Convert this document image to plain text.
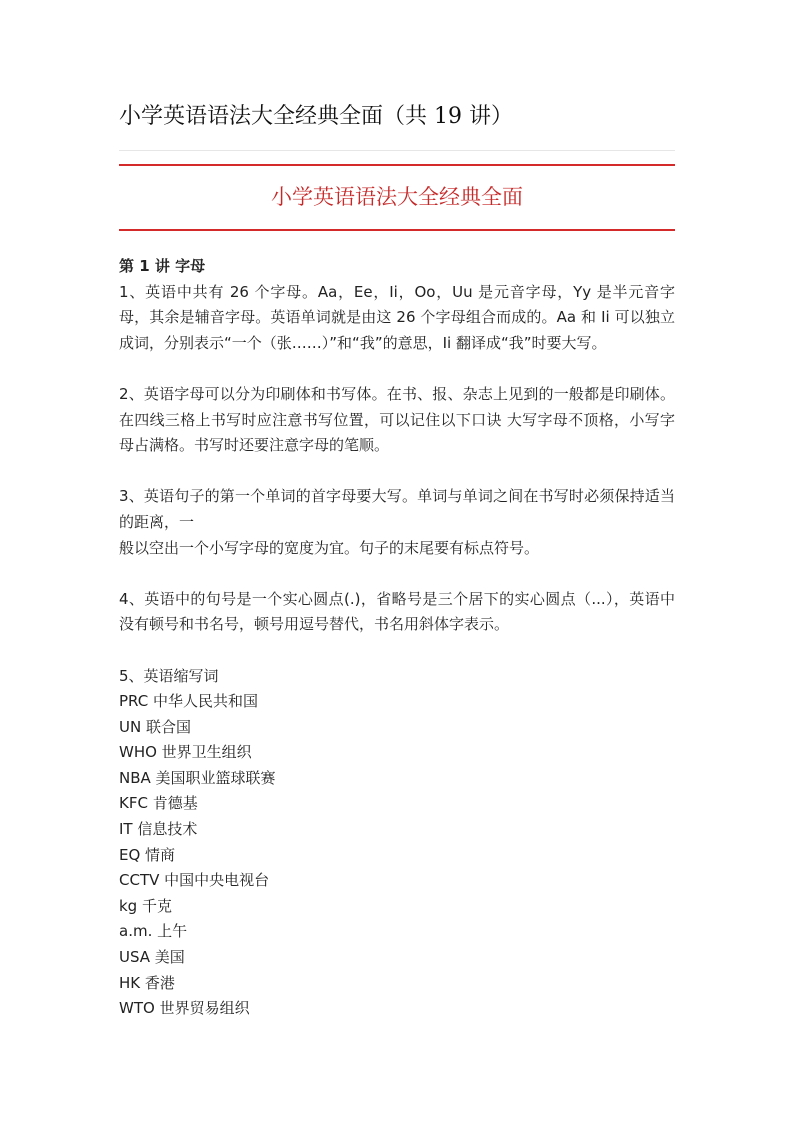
小学英语语法大全经典全面（共 19 讲）
小学英语语法大全经典全面

第 1 讲 字母

1、英语中共有 26 个字母。Aa，Ee，Ii，Oo，Uu 是元音字母，Yy 是半元音字母，其余是辅音字母。英语单词就是由这 26 个字母组合而成的。Aa 和 Ii 可以独立成词，分别表示“一个（张……）”和“我”的意思，Ii 翻译成“我”时要大写。

2、英语字母可以分为印刷体和书写体。在书、报、杂志上见到的一般都是印刷体。在四线三格上书写时应注意书写位置，可以记住以下口诀 大写字母不顶格，小写字母占满格。书写时还要注意字母的笔顺。

3、英语句子的第一个单词的首字母要大写。单词与单词之间在书写时必须保持适当的距离，一

般以空出一个小写字母的宽度为宜。句子的末尾要有标点符号。

4、英语中的句号是一个实心圆点(.)，省略号是三个居下的实心圆点（...），英语中没有顿号和书名号，顿号用逗号替代，书名用斜体字表示。

5、英语缩写词

PRC 中华人民共和国
UN 联合国
WHO 世界卫生组织
NBA 美国职业篮球联赛
KFC 肯德基
IT 信息技术
EQ 情商
CCTV 中国中央电视台
kg 千克
a.m. 上午
USA 美国
HK 香港
WTO 世界贸易组织
